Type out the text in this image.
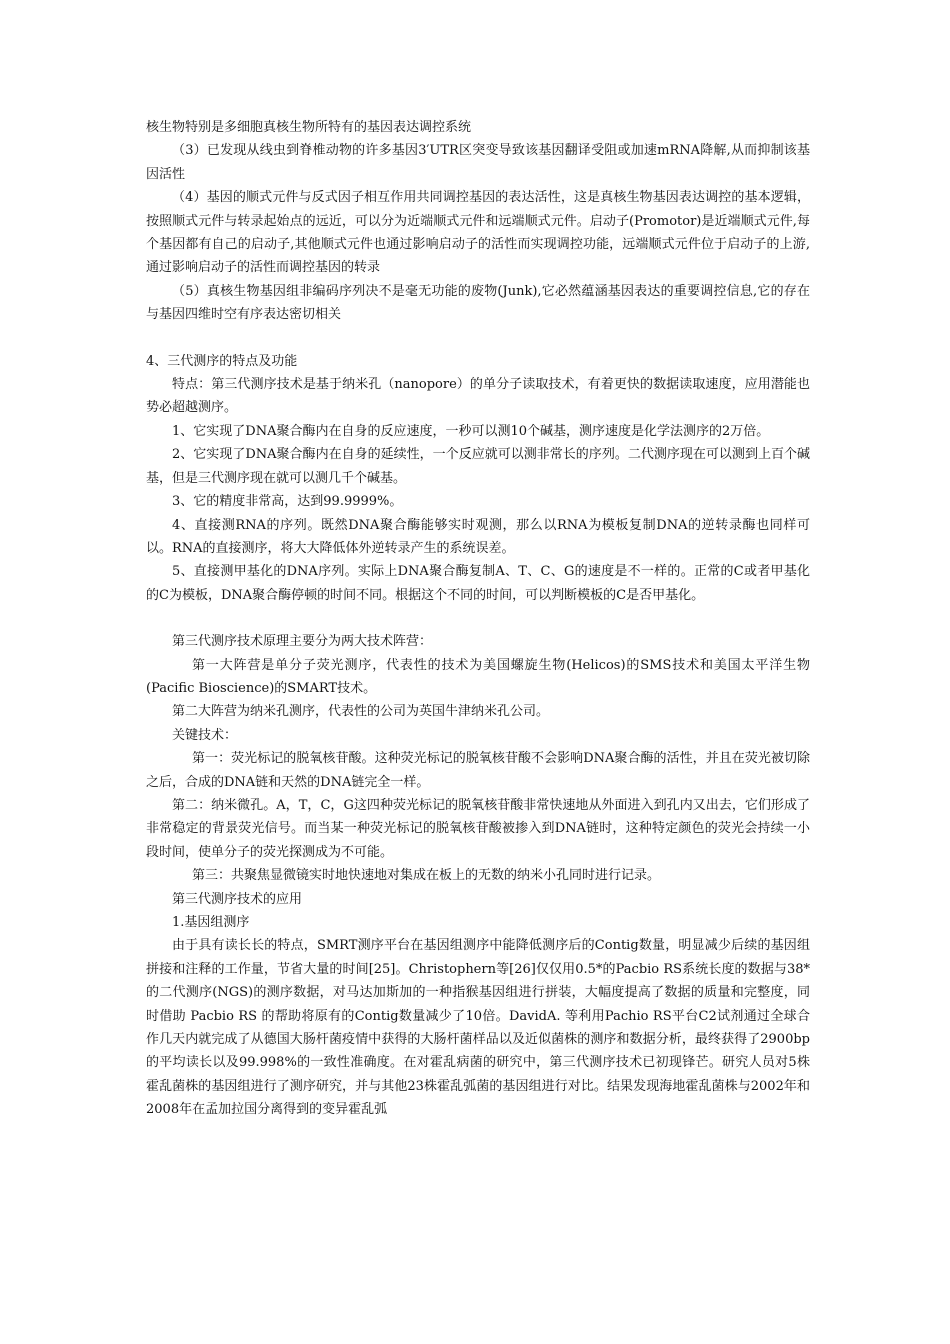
核生物特别是多细胞真核生物所特有的基因表达调控系统

（3）已发现从线虫到脊椎动物的许多基因3′UTR区突变导致该基因翻译受阻或加速mRNA降解,从而抑制该基因活性

（4）基因的顺式元件与反式因子相互作用共同调控基因的表达活性，这是真核生物基因表达调控的基本逻辑，按照顺式元件与转录起始点的远近，可以分为近端顺式元件和远端顺式元件。启动子(Promotor)是近端顺式元件,每个基因都有自己的启动子,其他顺式元件也通过影响启动子的活性而实现调控功能，远端顺式元件位于启动子的上游,通过影响启动子的活性而调控基因的转录

（5）真核生物基因组非编码序列决不是毫无功能的废物(Junk),它必然蕴涵基因表达的重要调控信息,它的存在与基因四维时空有序表达密切相关

4、三代测序的特点及功能

特点：第三代测序技术是基于纳米孔（nanopore）的单分子读取技术，有着更快的数据读取速度，应用潜能也势必超越测序。

1、它实现了DNA聚合酶内在自身的反应速度，一秒可以测10个碱基，测序速度是化学法测序的2万倍。

2、它实现了DNA聚合酶内在自身的延续性，一个反应就可以测非常长的序列。二代测序现在可以测到上百个碱基，但是三代测序现在就可以测几千个碱基。

3、它的精度非常高，达到99.9999%。

4、直接测RNA的序列。既然DNA聚合酶能够实时观测，那么以RNA为模板复制DNA的逆转录酶也同样可以。RNA的直接测序，将大大降低体外逆转录产生的系统误差。

5、直接测甲基化的DNA序列。实际上DNA聚合酶复制A、T、C、G的速度是不一样的。正常的C或者甲基化的C为模板，DNA聚合酶停顿的时间不同。根据这个不同的时间，可以判断模板的C是否甲基化。

第三代测序技术原理主要分为两大技术阵营：

第一大阵营是单分子荧光测序，代表性的技术为美国螺旋生物(Helicos)的SMS技术和美国太平洋生物(Pacific Bioscience)的SMART技术。

第二大阵营为纳米孔测序，代表性的公司为英国牛津纳米孔公司。

关键技术：

第一：荧光标记的脱氧核苷酸。这种荧光标记的脱氧核苷酸不会影响DNA聚合酶的活性，并且在荧光被切除之后，合成的DNA链和天然的DNA链完全一样。

第二：纳米微孔。A，T，C，G这四种荧光标记的脱氧核苷酸非常快速地从外面进入到孔内又出去，它们形成了非常稳定的背景荧光信号。而当某一种荧光标记的脱氧核苷酸被掺入到DNA链时，这种特定颜色的荧光会持续一小段时间，使单分子的荧光探测成为不可能。

第三：共聚焦显微镜实时地快速地对集成在板上的无数的纳米小孔同时进行记录。

第三代测序技术的应用

1.基因组测序

由于具有读长长的特点，SMRT测序平台在基因组测序中能降低测序后的Contig数量，明显减少后续的基因组拼接和注释的工作量，节省大量的时间[25]。Christophern等[26]仅仅用0.5*的Pacbio RS系统长度的数据与38*的二代测序(NGS)的测序数据，对马达加斯加的一种指猴基因组进行拼装，大幅度提高了数据的质量和完整度，同时借助 Pacbio RS 的帮助将原有的Contig数量减少了10倍。DavidA. 等利用Pachio RS平台C2试剂通过全球合作几天内就完成了从德国大肠杆菌疫情中获得的大肠杆菌样品以及近似菌株的测序和数据分析，最终获得了2900bp的平均读长以及99.998%的一致性准确度。在对霍乱病菌的研究中，第三代测序技术已初现锋芒。研究人员对5株霍乱菌株的基因组进行了测序研究，并与其他23株霍乱弧菌的基因组进行对比。结果发现海地霍乱菌株与2002年和2008年在孟加拉国分离得到的变异霍乱弧
